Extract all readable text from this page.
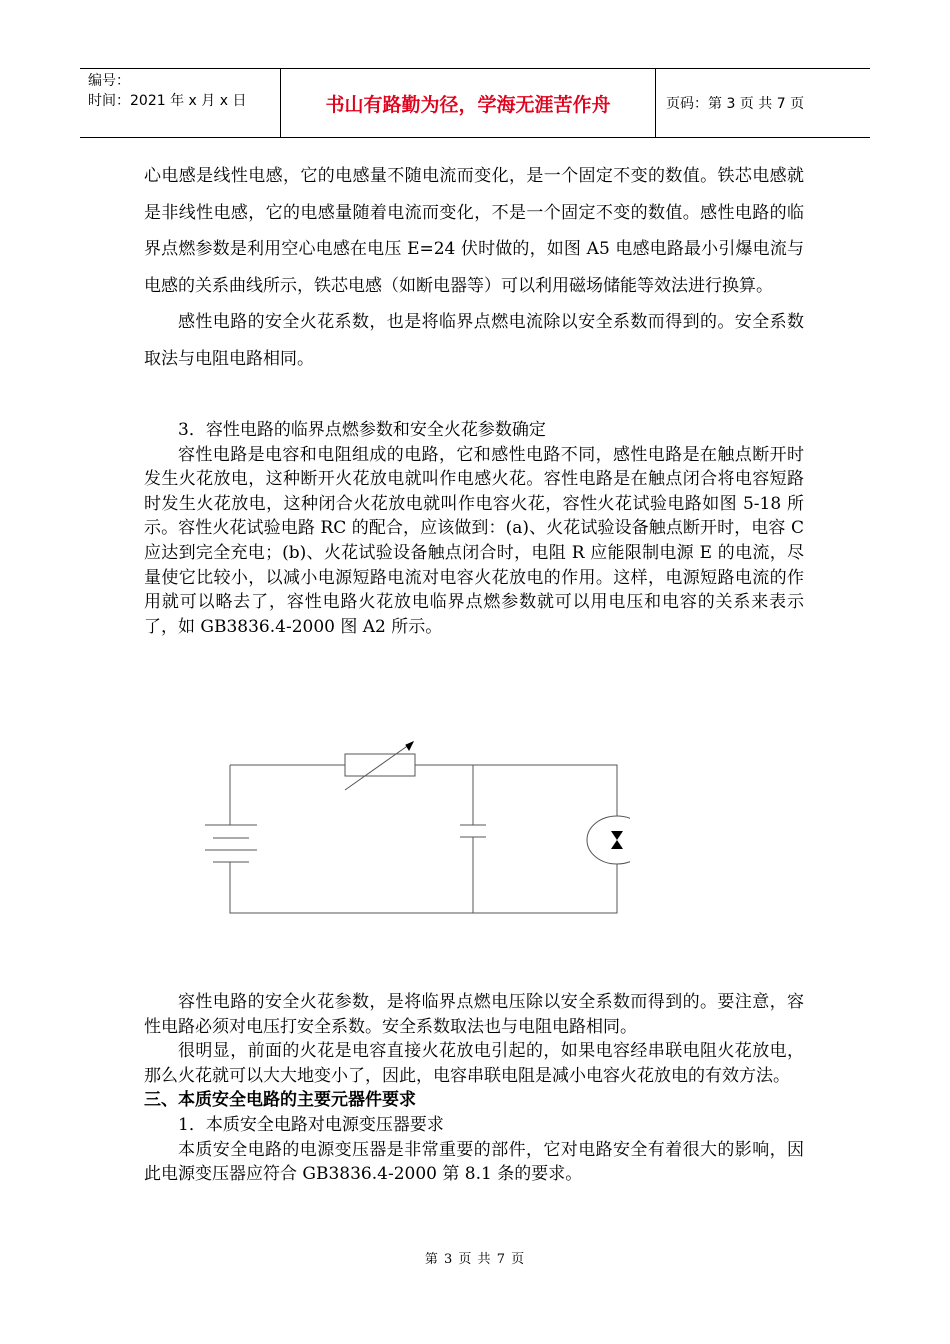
编号：
时间：2021 年 x 月 x 日	书山有路勤为径，学海无涯苦作舟	页码：第 3 页 共 7 页

心电感是线性电感，它的电感量不随电流而变化，是一个固定不变的数值。铁芯电感就是非线性电感，它的电感量随着电流而变化，不是一个固定不变的数值。感性电路的临界点燃参数是利用空心电感在电压 E=24 伏时做的，如图 A5 电感电路最小引爆电流与电感的关系曲线所示，铁芯电感（如断电器等）可以利用磁场储能等效法进行换算。

感性电路的安全火花系数，也是将临界点燃电流除以安全系数而得到的。安全系数取法与电阻电路相同。

3．容性电路的临界点燃参数和安全火花参数确定

容性电路是电容和电阻组成的电路，它和感性电路不同，感性电路是在触点断开时发生火花放电，这种断开火花放电就叫作电感火花。容性电路是在触点闭合将电容短路时发生火花放电，这种闭合火花放电就叫作电容火花，容性火花试验电路如图 5-18 所示。容性火花试验电路 RC 的配合，应该做到：(a)、火花试验设备触点断开时，电容 C 应达到完全充电；(b)、火花试验设备触点闭合时，电阻 R 应能限制电源 E 的电流，尽量使它比较小，以减小电源短路电流对电容火花放电的作用。这样，电源短路电流的作用就可以略去了，容性电路火花放电临界点燃参数就可以用电压和电容的关系来表示了，如 GB3836.4-2000 图 A2 所示。

容性电路的安全火花参数，是将临界点燃电压除以安全系数而得到的。要注意，容性电路必须对电压打安全系数。安全系数取法也与电阻电路相同。

很明显，前面的火花是电容直接火花放电引起的，如果电容经串联电阻火花放电，那么火花就可以大大地变小了，因此，电容串联电阻是减小电容火花放电的有效方法。

三、本质安全电路的主要元器件要求

1．本质安全电路对电源变压器要求

本质安全电路的电源变压器是非常重要的部件，它对电路安全有着很大的影响，因此电源变压器应符合 GB3836.4-2000 第 8.1 条的要求。

第 3 页 共 7 页
